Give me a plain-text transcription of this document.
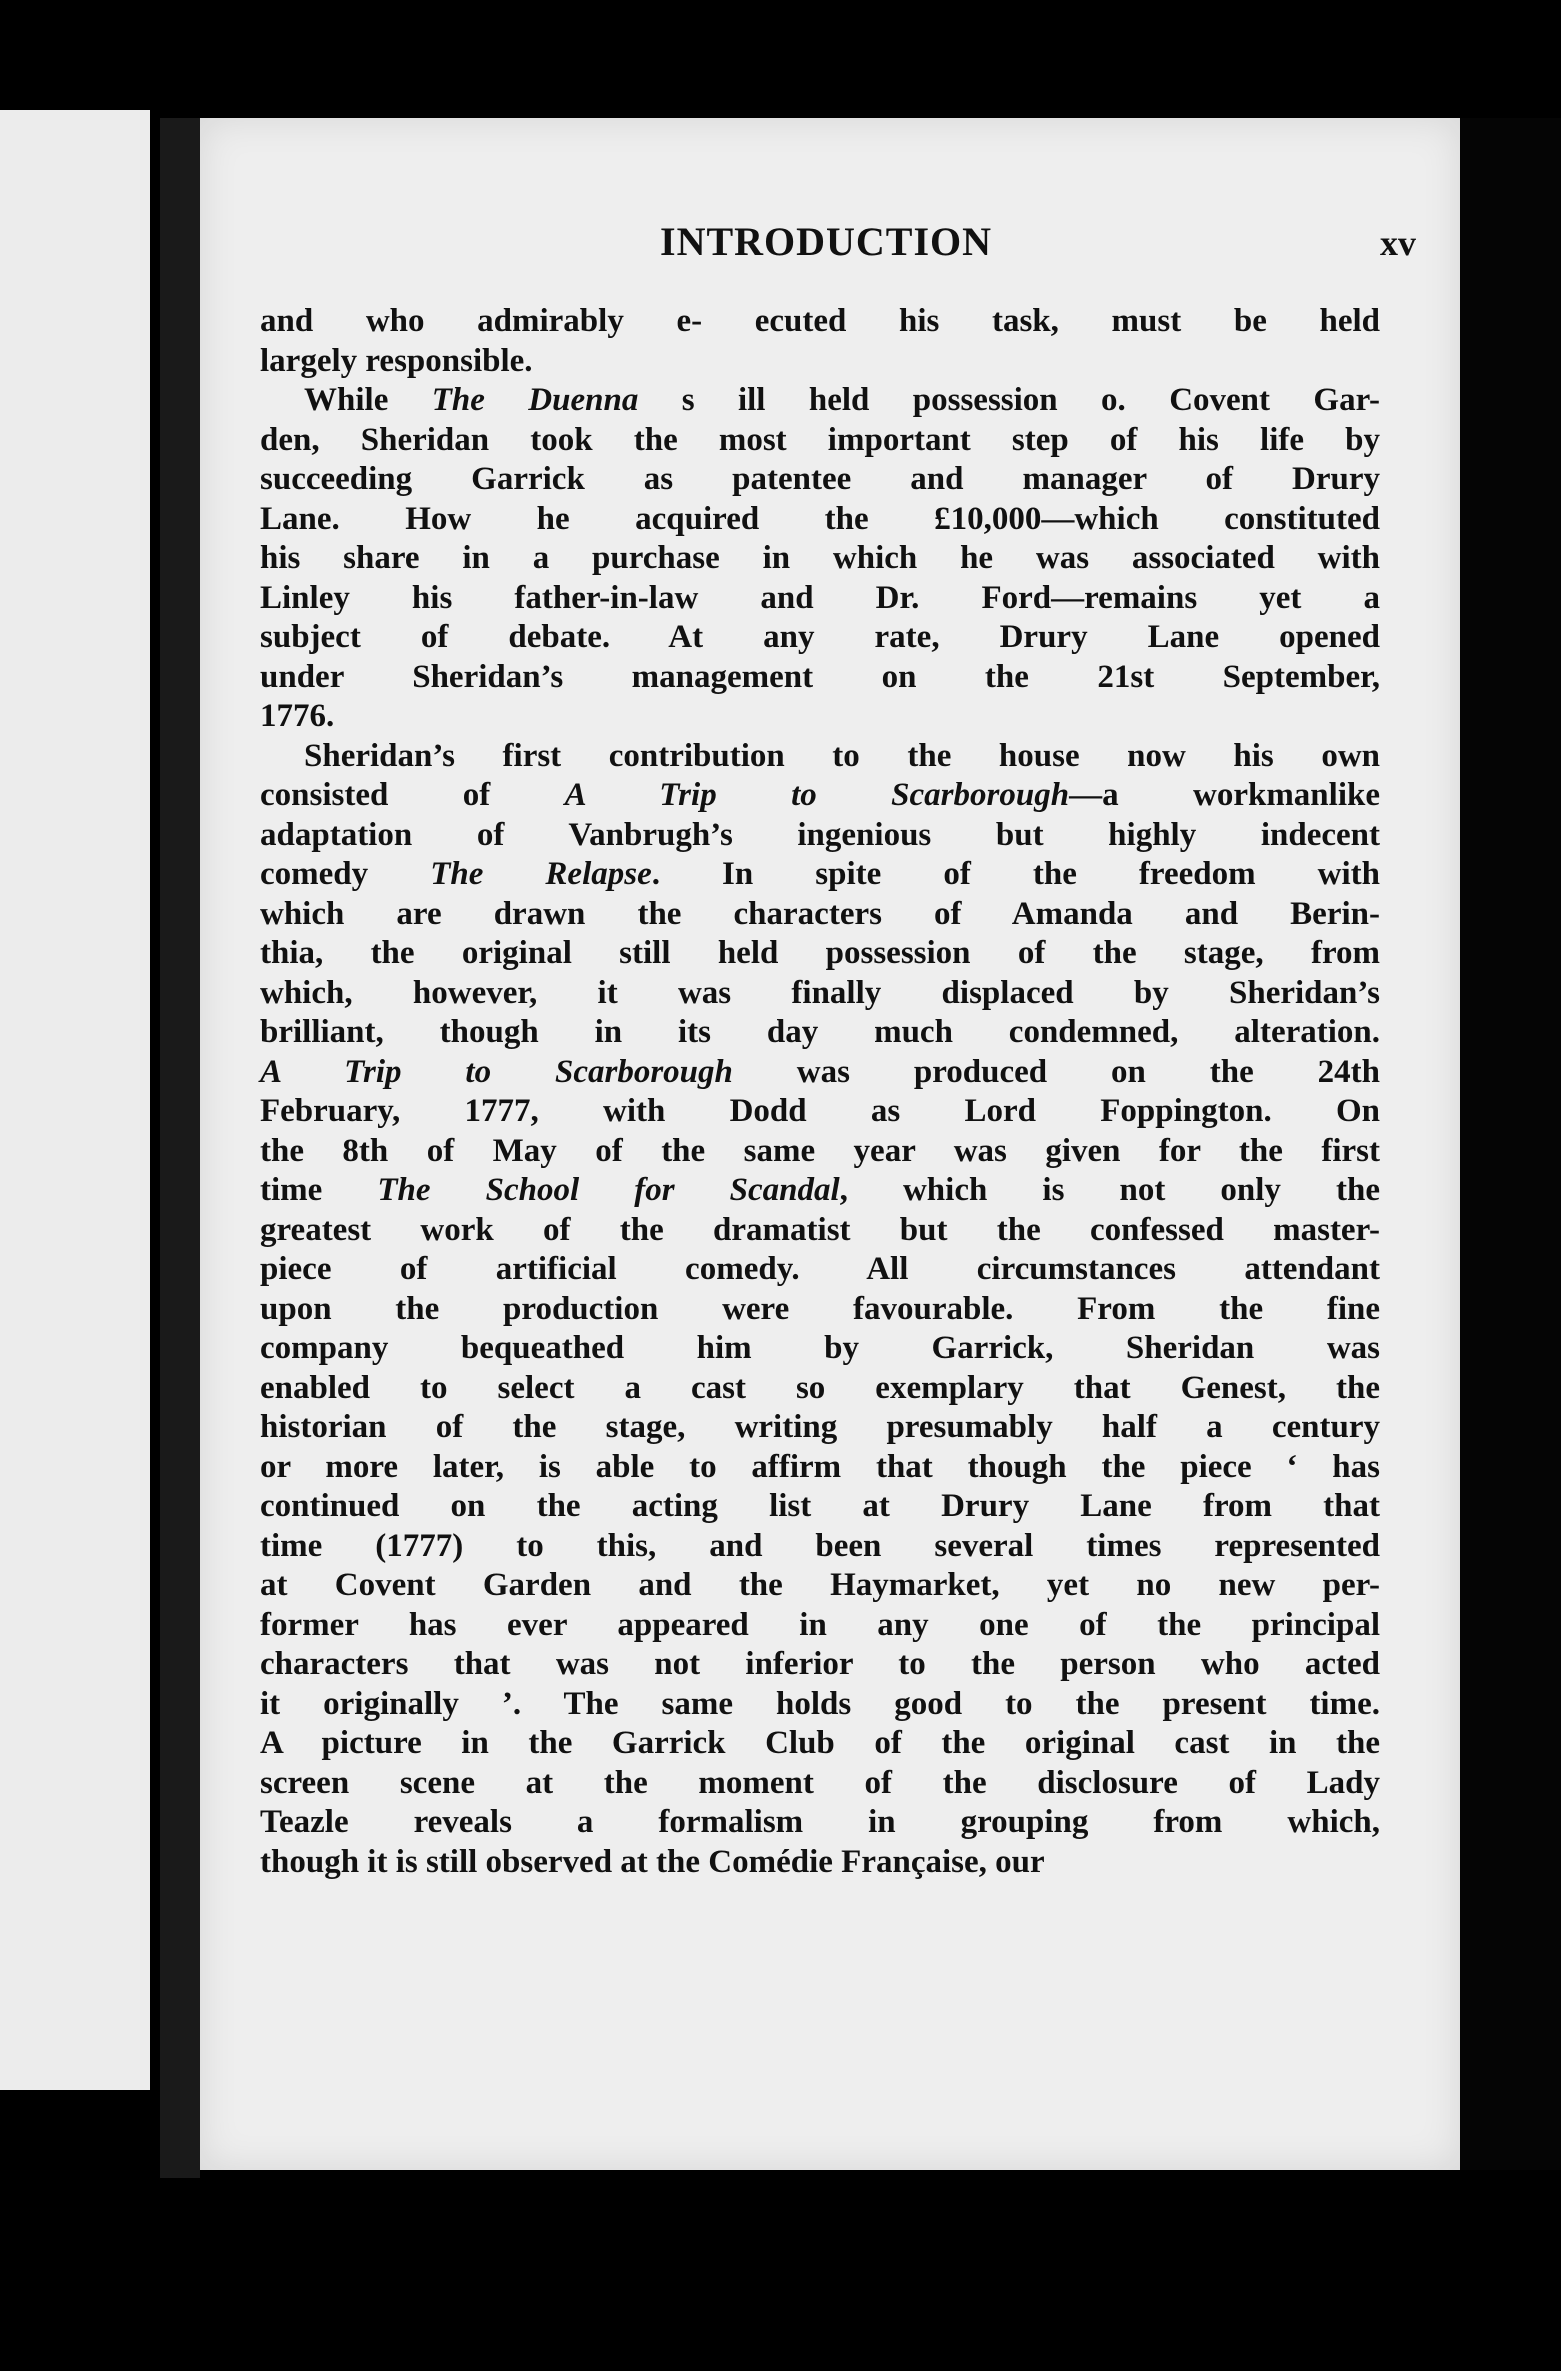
INTRODUCTION	xv
and who admirably e‑ ecuted his task, must be held
largely responsible.
While The Duenna s ill held possession o. Covent Gar-
den, Sheridan took the most important step of his life by
succeeding Garrick as patentee and manager of Drury
Lane. How he acquired the £10,000—which constituted
his share in a purchase in which he was associated with
Linley his father-in-law and Dr. Ford—remains yet a
subject of debate. At any rate, Drury Lane opened
under Sheridan’s management on the 21st September,
1776.
Sheridan’s first contribution to the house now his own
consisted of A Trip to Scarborough—a workmanlike
adaptation of Vanbrugh’s ingenious but highly indecent
comedy The Relapse. In spite of the freedom with
which are drawn the characters of Amanda and Berin-
thia, the original still held possession of the stage, from
which, however, it was finally displaced by Sheridan’s
brilliant, though in its day much condemned, alteration.
A Trip to Scarborough was produced on the 24th
February, 1777, with Dodd as Lord Foppington. On
the 8th of May of the same year was given for the first
time The School for Scandal, which is not only the
greatest work of the dramatist but the confessed master-
piece of artificial comedy. All circumstances attendant
upon the production were favourable. From the fine
company bequeathed him by Garrick, Sheridan was
enabled to select a cast so exemplary that Genest, the
historian of the stage, writing presumably half a century
or more later, is able to affirm that though the piece ‘ has
continued on the acting list at Drury Lane from that
time (1777) to this, and been several times represented
at Covent Garden and the Haymarket, yet no new per-
former has ever appeared in any one of the principal
characters that was not inferior to the person who acted
it originally ’. The same holds good to the present time.
A picture in the Garrick Club of the original cast in the
screen scene at the moment of the disclosure of Lady
Teazle reveals a formalism in grouping from which,
though it is still observed at the Comédie Française, our
